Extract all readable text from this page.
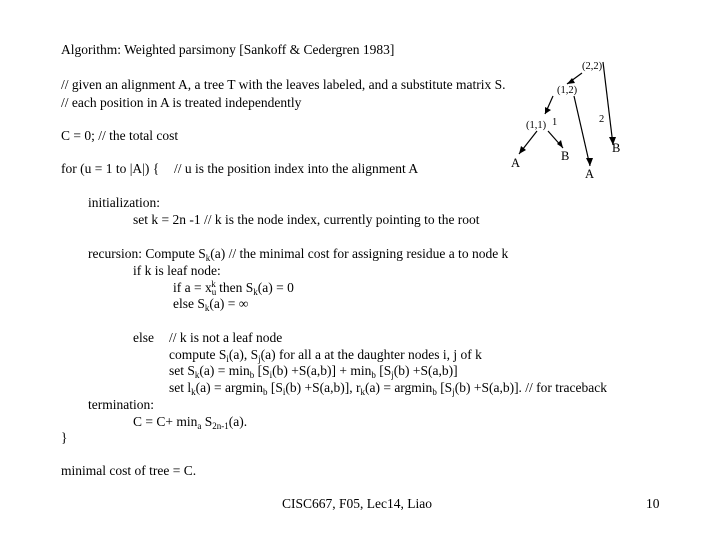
(2,2)
(1,2)
(1,1)
2
1
A	B
B
A
Algorithm: Weighted parsimony [Sankoff & Cedergren 1983]
// given an alignment A, a tree T with the leaves labeled, and a substitute matrix S.
// each position in A is treated independently
C = 0; // the total cost
for (u = 1 to |A|) { // u is the position index into the alignment A
initialization:
set k = 2n -1 // k is the node index, currently pointing to the root
recursion: Compute $S_k(a)$ // the minimal cost for assigning residue a to node k
if k is leaf node:
if $a = x_u^k$ then $S_k(a) = 0$
else $S_k(a)$ = ∞
else // k is not a leaf node
compute $S_i(a)$, $S_j(a)$ for all a at the daughter nodes i, j of k
set $S_k(a) = \min_b [S_i(b) +S(a,b)] + \min_b [S_j(b) +S(a,b)]$
set $l_k(a) = argmin_b$ $[S_i(b) +S(a,b)]$, $r_k(a) = argmin_b$ $[S_j(b) +S(a,b)]$. // for traceback
termination:
$C = C+ \min_a S_{2n-1}(a)$.
}
minimal cost of tree = C.
CISC667, F05, Lec14, Liao	10
